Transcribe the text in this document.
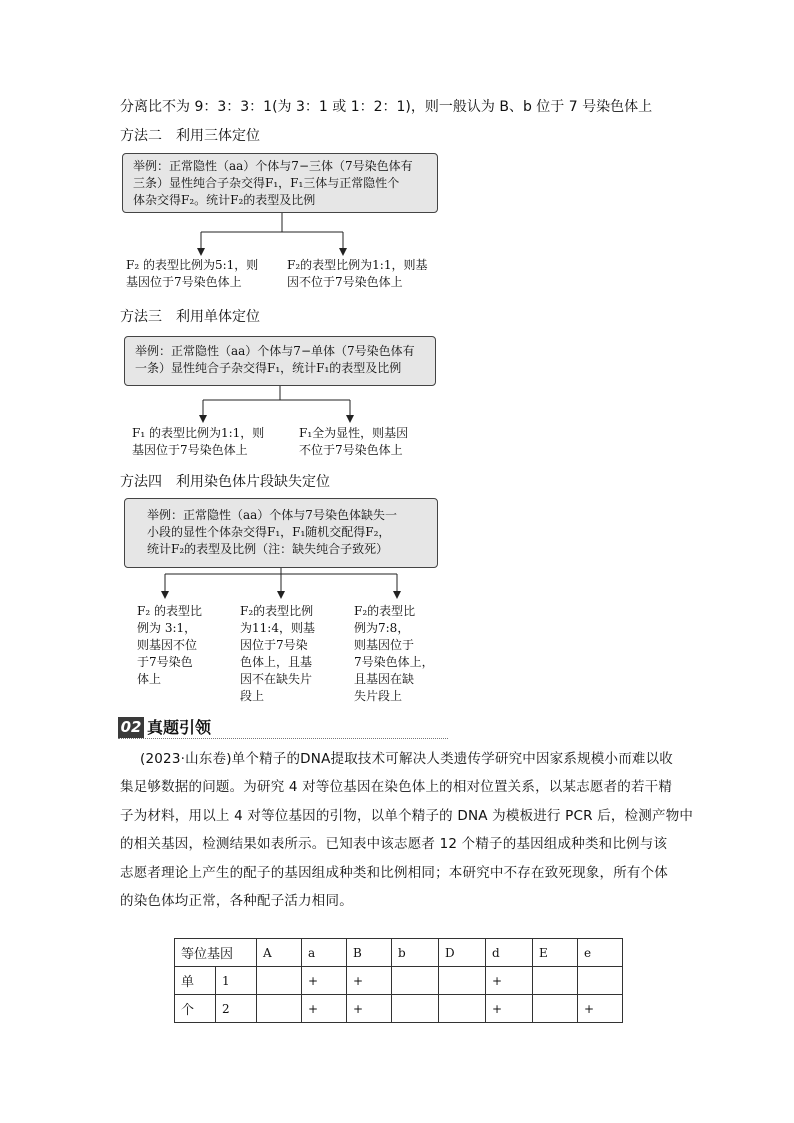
分离比不为 9：3：3：1(为 3：1 或 1：2：1)，则一般认为 B、b 位于 7 号染色体上
方法二　利用三体定位
举例：正常隐性（aa）个体与7−三体（7号染色体有
三条）显性纯合子杂交得F₁，F₁三体与正常隐性个
体杂交得F₂。统计F₂的表型及比例
F₂ 的表型比例为5:1，则
基因位于7号染色体上
F₂的表型比例为1:1，则基
因不位于7号染色体上
方法三　利用单体定位
举例：正常隐性（aa）个体与7−单体（7号染色体有
一条）显性纯合子杂交得F₁，统计F₁的表型及比例
F₁ 的表型比例为1:1，则
基因位于7号染色体上
F₁全为显性，则基因
不位于7号染色体上
方法四　利用染色体片段缺失定位
举例：正常隐性（aa）个体与7号染色体缺失一
小段的显性个体杂交得F₁，F₁随机交配得F₂，
统计F₂的表型及比例（注：缺失纯合子致死）
F₂ 的表型比
例为 3:1，
则基因不位
于7号染色
体上
F₂的表型比例
为11:4，则基
因位于7号染
色体上，且基
因不在缺失片
段上
F₂的表型比
例为7:8，
则基因位于
7号染色体上，
且基因在缺
失片段上
02 真题引领
(2023·山东卷)单个精子的DNA提取技术可解决人类遗传学研究中因家系规模小而难以收
集足够数据的问题。为研究 4 对等位基因在染色体上的相对位置关系，以某志愿者的若干精
子为材料，用以上 4 对等位基因的引物，以单个精子的 DNA 为模板进行 PCR 后，检测产物中
的相关基因，检测结果如表所示。已知表中该志愿者 12 个精子的基因组成种类和比例与该
志愿者理论上产生的配子的基因组成种类和比例相同；本研究中不存在致死现象，所有个体
的染色体均正常，各种配子活力相同。
等位基因		A	a	B	b	D	d	E	e
单	1		+	+			+		
个	2		+	+			+		+
